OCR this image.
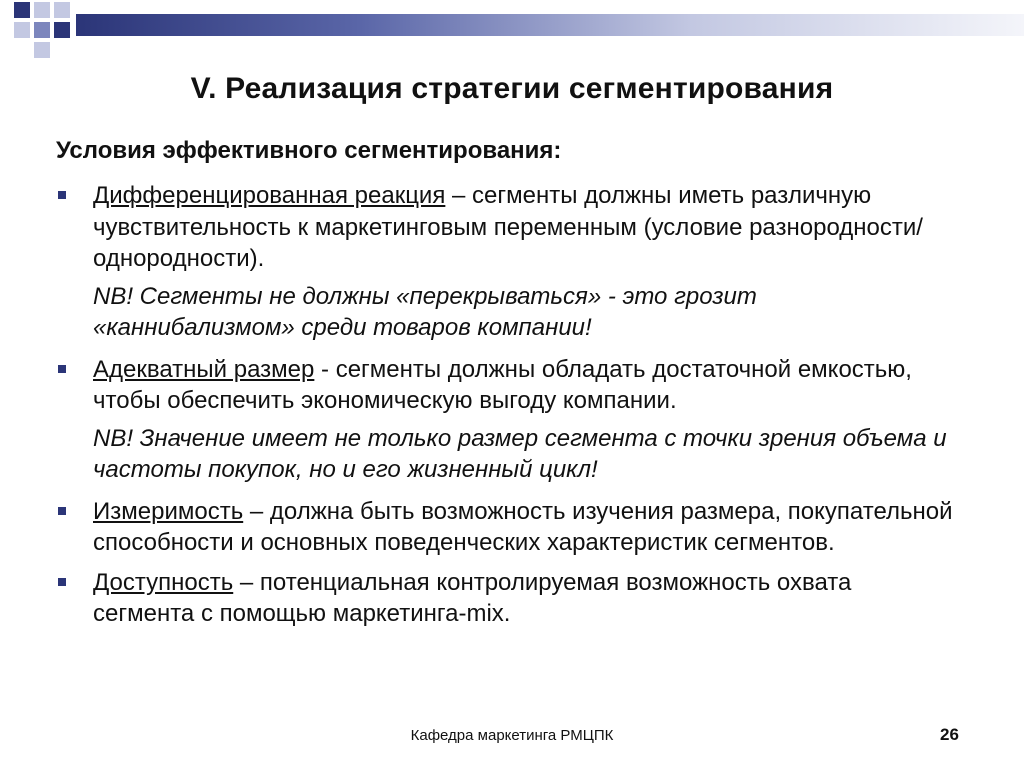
V. Реализация стратегии сегментирования
Условия эффективного сегментирования:
Дифференцированная реакция – сегменты должны иметь различную чувствительность к маркетинговым переменным (условие разнородности/однородности).
NB! Сегменты не должны «перекрываться» - это грозит «каннибализмом» среди товаров компании!
Адекватный размер - сегменты должны обладать достаточной емкостью, чтобы обеспечить экономическую выгоду компании.
NB! Значение имеет не только размер сегмента с точки зрения объема и частоты покупок, но и его жизненный цикл!
Измеримость – должна быть возможность изучения размера, покупательной способности и основных поведенческих характеристик сегментов.
Доступность – потенциальная контролируемая возможность охвата сегмента с помощью маркетинга-mix.
Кафедра маркетинга РМЦПК	26
